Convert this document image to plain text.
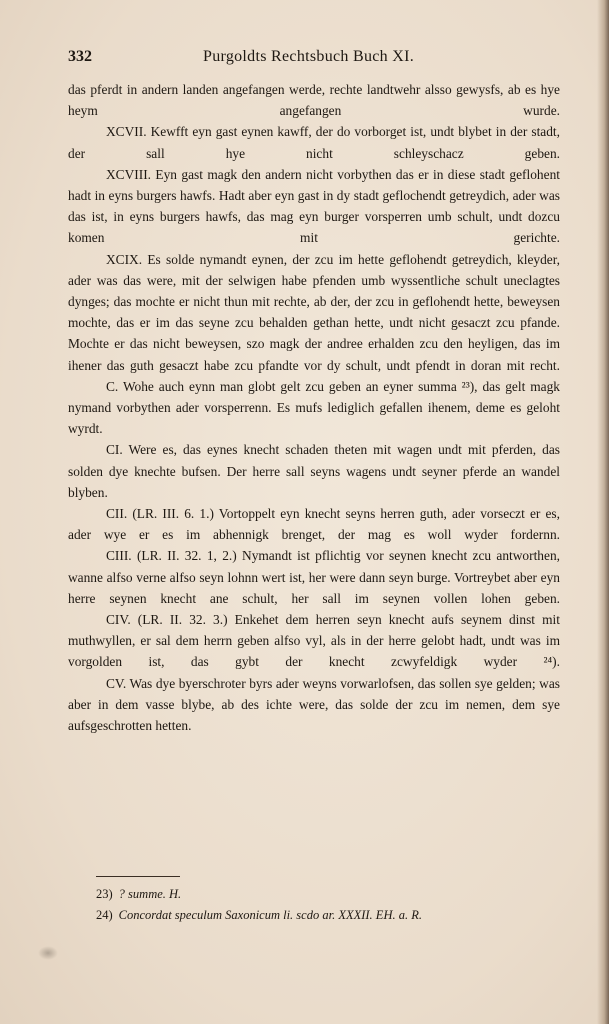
332	Purgoldts Rechtsbuch Buch XI.

das pferdt in andern landen angefangen werde, rechte landtwehr alsso gewysfs, ab es hye heym angefangen wurde.

XCVII. Kewfft eyn gast eynen kawff, der do vorborget ist, undt blybet in der stadt, der sall hye nicht schleyschacz geben.

XCVIII. Eyn gast magk den andern nicht vorbythen das er in diese stadt geflohent hadt in eyns burgers hawfs. Hadt aber eyn gast in dy stadt geflochendt getreydich, ader was das ist, in eyns burgers hawfs, das mag eyn burger vorsperren umb schult, undt dozcu komen mit gerichte.

XCIX. Es solde nymandt eynen, der zcu im hette geflohendt getreydich, kleyder, ader was das were, mit der selwigen habe pfenden umb wyssentliche schult uneclagtes dynges; das mochte er nicht thun mit rechte, ab der, der zcu in geflohendt hette, beweysen mochte, das er im das seyne zcu behalden gethan hette, undt nicht gesaczt zcu pfande. Mochte er das nicht beweysen, szo magk der andree erhalden zcu den heyligen, das im ihener das guth gesaczt habe zcu pfandte vor dy schult, undt pfendt in doran mit recht.

C. Wohe auch eynn man globt gelt zcu geben an eyner summa ²³), das gelt magk nymand vorbythen ader vorsperrenn. Es mufs lediglich gefallen ihenem, deme es geloht wyrdt.

CI. Were es, das eynes knecht schaden theten mit wagen undt mit pferden, das solden dye knechte bufsen. Der herre sall seyns wagens undt seyner pferde an wandel blyben.

CII. (LR. III. 6. 1.) Vortoppelt eyn knecht seyns herren guth, ader vorseczt er es, ader wye er es im abhennigk brenget, der mag es woll wyder fordernn.

CIII. (LR. II. 32. 1, 2.) Nymandt ist pflichtig vor seynen knecht zcu antworthen, wanne alfso verne alfso seyn lohnn wert ist, her were dann seyn burge. Vortreybet aber eyn herre seynen knecht ane schult, her sall im seynen vollen lohen geben.

CIV. (LR. II. 32. 3.) Enkehet dem herren seyn knecht aufs seynem dinst mit muthwyllen, er sal dem herrn geben alfso vyl, als in der herre gelobt hadt, undt was im vorgolden ist, das gybt der knecht zcwyfeldigk wyder ²⁴).

CV. Was dye byerschroter byrs ader weyns vorwarlofsen, das sollen sye gelden; was aber in dem vasse blybe, ab des ichte were, das solde der zcu im nemen, dem sye aufsgeschrotten hetten.

23) ? summe. H.
24) Concordat speculum Saxonicum li. scdo ar. XXXII. EH. a. R.
